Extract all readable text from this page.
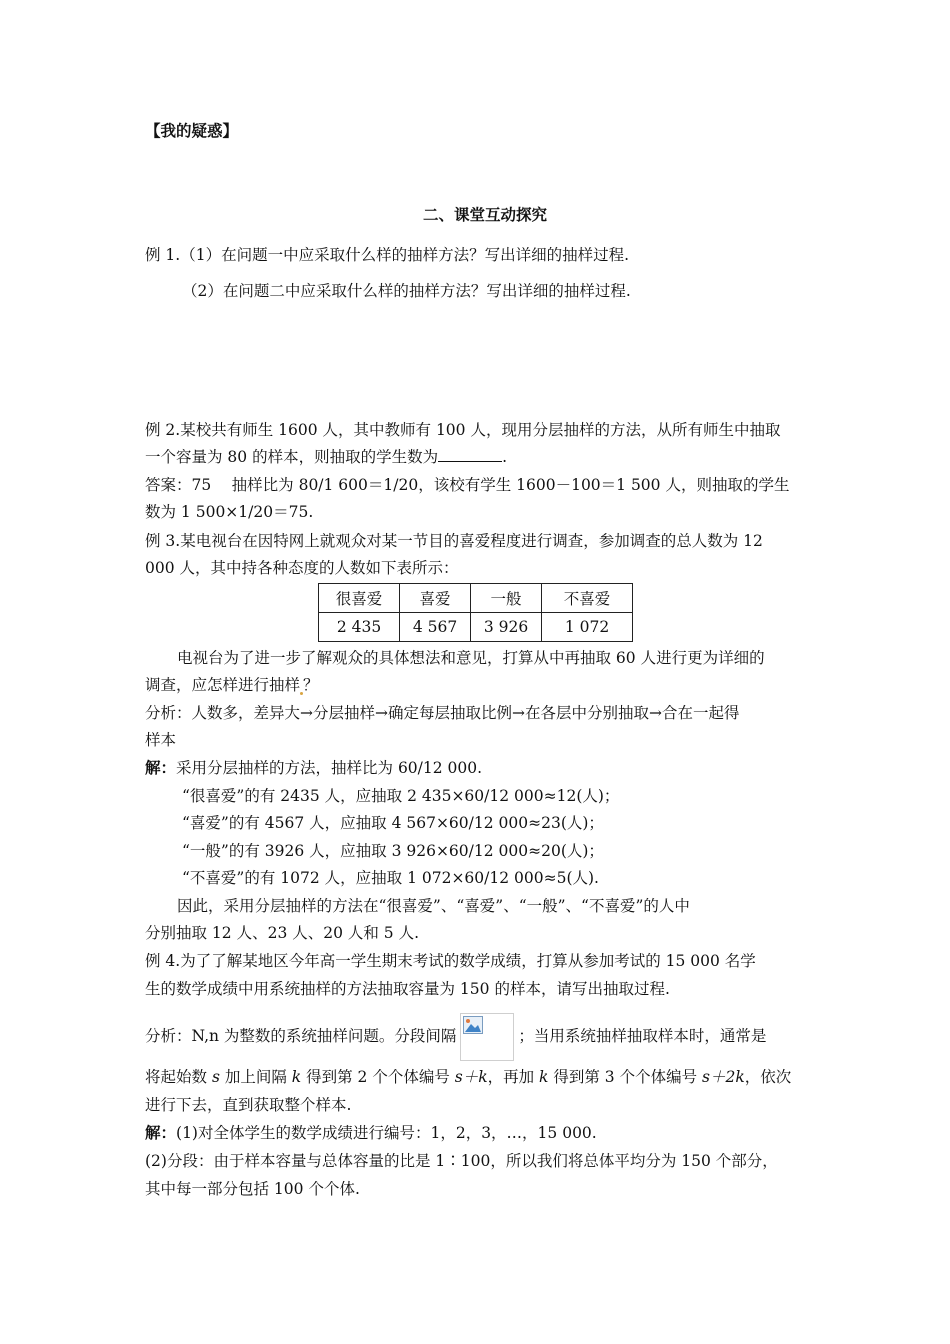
【我的疑惑】
二、课堂互动探究
例 1.（1）在问题一中应采取什么样的抽样方法？写出详细的抽样过程.
（2）在问题二中应采取什么样的抽样方法？写出详细的抽样过程.
例 2.某校共有师生 1600 人，其中教师有 100 人，现用分层抽样的方法，从所有师生中抽取
一个容量为 80 的样本，则抽取的学生数为	.
答案：75　 抽样比为 80/1 600＝1/20，该校有学生 1600－100＝1 500 人，则抽取的学生
数为 1 500×1/20＝75.
例 3.某电视台在因特网上就观众对某一节目的喜爱程度进行调查，参加调查的总人数为 12
000 人，其中持各种态度的人数如下表所示：
很喜爱	喜爱	一般	不喜爱
2 435	4 567	3 926	1 072
电视台为了进一步了解观众的具体想法和意见，打算从中再抽取 60 人进行更为详细的
调查，应怎样进行抽样 ？
分析：人数多，差异大→分层抽样→确定每层抽取比例→在各层中分别抽取→合在一起得
样本
解：采用分层抽样的方法，抽样比为 60/12 000.
“很喜爱”的有 2435 人，应抽取 2 435×60/12 000≈12(人)；
“喜爱”的有 4567 人，应抽取 4 567×60/12 000≈23(人)；
“一般”的有 3926 人，应抽取 3 926×60/12 000≈20(人)；
“不喜爱”的有 1072 人，应抽取 1 072×60/12 000≈5(人).
因此，采用分层抽样的方法在“很喜爱”、“喜爱”、“一般”、“不喜爱”的人中
分别抽取 12 人、23 人、20 人和 5 人.
例 4.为了了解某地区今年高一学生期末考试的数学成绩，打算从参加考试的 15 000 名学
生的数学成绩中用系统抽样的方法抽取容量为 150 的样本，请写出抽取过程.
分析：N,n 为整数的系统抽样问题。分段间隔	；当用系统抽样抽取样本时，通常是
将起始数 s 加上间隔 k 得到第 2 个个体编号 s＋k，再加 k 得到第 3 个个体编号 s＋2k，依次
进行下去，直到获取整个样本.
解：(1)对全体学生的数学成绩进行编号：1，2，3，…，15 000.
(2)分段：由于样本容量与总体容量的比是 1∶100，所以我们将总体平均分为 150 个部分，
其中每一部分包括 100 个个体.
